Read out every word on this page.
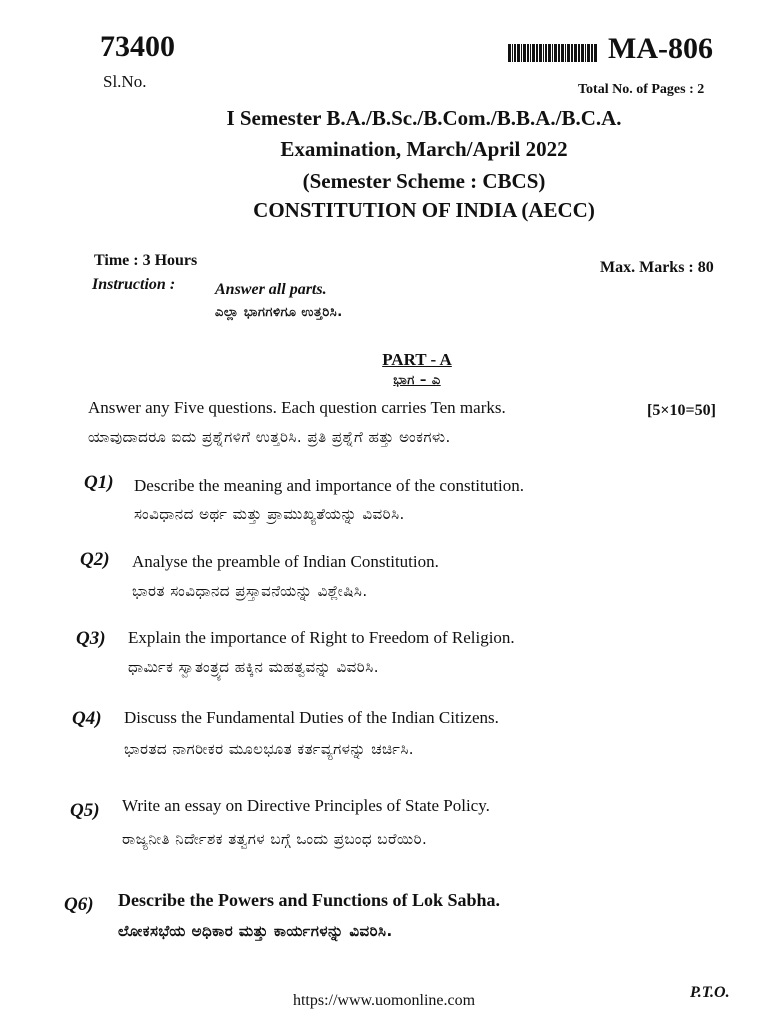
73400
Sl.No.
MA-806
Total No. of Pages : 2
I Semester B.A./B.Sc./B.Com./B.B.A./B.C.A.
Examination, March/April 2022
(Semester Scheme : CBCS)
CONSTITUTION OF INDIA (AECC)
Time : 3 Hours	Max. Marks : 80
Instruction : Answer all parts.
ಎಲ್ಲಾ ಭಾಗಗಳಿಗೂ ಉತ್ತರಿಸಿ.
PART - A
ಭಾಗ – ಎ
Answer any Five questions. Each question carries Ten marks.	[5×10=50]
ಯಾವುದಾದರೂ ಐದು ಪ್ರಶ್ನೆಗಳಿಗೆ ಉತ್ತರಿಸಿ. ಪ್ರತಿ ಪ್ರಶ್ನೆಗೆ ಹತ್ತು ಅಂಕಗಳು.
Q1) Describe the meaning and importance of the constitution.
ಸಂವಿಧಾನದ ಅರ್ಥ ಮತ್ತು ಪ್ರಾಮುಖ್ಯತೆಯನ್ನು ವಿವರಿಸಿ.
Q2) Analyse the preamble of Indian Constitution.
ಭಾರತ ಸಂವಿಧಾನದ ಪ್ರಸ್ತಾವನೆಯನ್ನು ವಿಶ್ಲೇಷಿಸಿ.
Q3) Explain the importance of Right to Freedom of Religion.
ಧಾರ್ಮಿಕ ಸ್ವಾತಂತ್ರ್ಯದ ಹಕ್ಕಿನ ಮಹತ್ವವನ್ನು ವಿವರಿಸಿ.
Q4) Discuss the Fundamental Duties of the Indian Citizens.
ಭಾರತದ ನಾಗರೀಕರ ಮೂಲಭೂತ ಕರ್ತವ್ಯಗಳನ್ನು ಚರ್ಚಿಸಿ.
Q5) Write an essay on Directive Principles of State Policy.
ರಾಜ್ಯನೀತಿ ನಿರ್ದೇಶಕ ತತ್ವಗಳ ಬಗ್ಗೆ ಒಂದು ಪ್ರಬಂಧ ಬರೆಯಿರಿ.
Q6) Describe the Powers and Functions of Lok Sabha.
ಲೋಕಸಭೆಯ ಅಧಿಕಾರ ಮತ್ತು ಕಾರ್ಯಗಳನ್ನು ವಿವರಿಸಿ.
https://www.uomonline.com	P.T.O.
